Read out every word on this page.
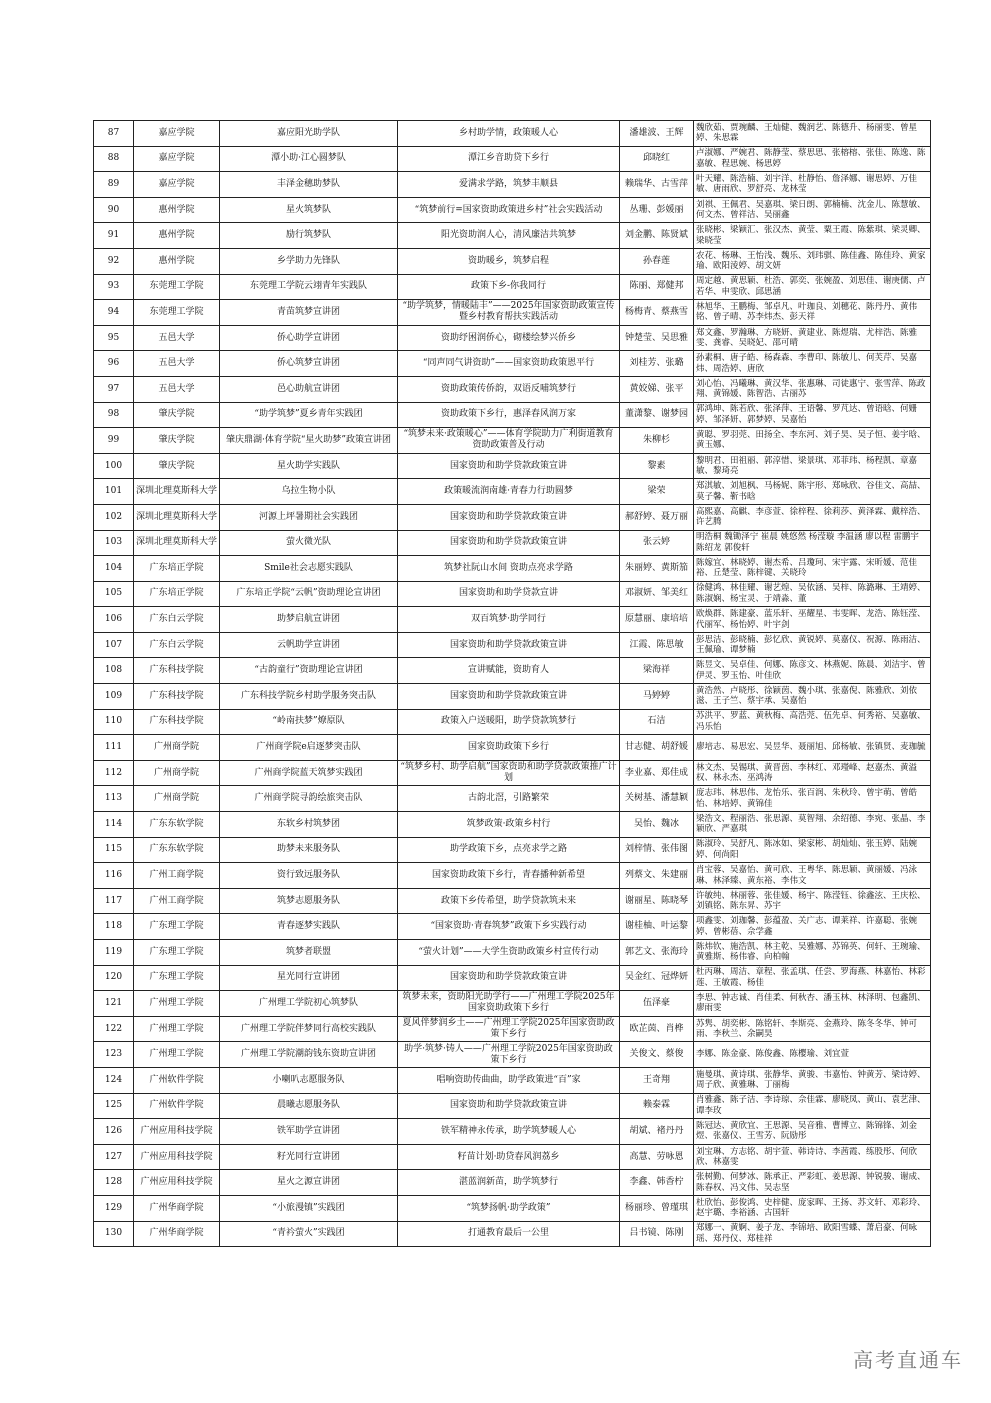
87	嘉应学院	嘉应阳光助学队	乡村助学情，政策暖人心	潘雄波、王辉	魏欣茹、贾琬麟、王灿健、魏润艺、陈德升、杨丽雯、曾星婷、朱思霖
88	嘉应学院	潭小助·江心圆梦队	潭江乡音助贷下乡行	邱晓红	卢淑娜、严婉君、陈静莹、蔡思思、张榕榕、张佳、陈逸、陈嘉敏、程思婉、杨思婷
89	嘉应学院	丰泽金穗助梦队	爱满求学路，筑梦丰顺县	赖瑞华、古雪萍	叶天耀、陈浩楠、刘宇洋、杜静怡、詹泽娜、谢思婷、万佳敏、唐雨欣、罗舒亮、龙林莹
90	惠州学院	星火筑梦队	“筑梦前行=国家资助政策进乡村”社会实践活动	丛珊、彭媛丽	刘祺、王佩君、吴嘉琪、梁日朗、郭楠楠、沈金儿、陈慧敏、何文杰、曾祥洁、吴丽鑫
91	惠州学院	励行筑梦队	阳光资助润人心，清风廉洁共筑梦	刘金鹏、陈贤斌	张晓彬、梁颖汇、张汉杰、黄莹、粟王霞、陈紫琪、梁灵卿、梁晓莹
92	惠州学院	乡学助力先锋队	资助暖乡，筑梦启程	孙春莲	农花、杨琳、王怡浅、魏乐、刘玮骐、陈佳鑫、陈佳玲、黄家瑜、欧阳淩婷、胡文妍
93	东莞理工学院	东莞理工学院云翊青年实践队	政策下乡-你我同行	陈丽、郑健邦	周定越、黄思颖、杜浩、郭奕、张婉盈、刘思佳、谢庚儒、卢若华、申雯欣、邱思涵
94	东莞理工学院	青苗筑梦宣讲团	“助学筑梦，情暖陆丰”——2025年国家资助政策宣传暨乡村教育帮扶实践活动	杨梅青、蔡燕雪	林旭华、王鹏梅、邹卓凡、叶珈良、刘穗花、陈丹丹、黄伟铭、曾子晴、苏李炜杰、彭天祥
95	五邑大学	侨心助学宣讲团	资助纾困润侨心，砌楼绘梦兴侨乡	钟楚莹、吴思雅	郑文鑫、罗瀚琳、方晓妍、黄建业、陈煜瑞、尤梓浩、陈雅雯、龚睿、吴晓妃、邵可晴
96	五邑大学	侨心筑梦宣讲团	“同声同气讲资助”——国家资助政策恩平行	刘桂芳、张璐	孙素桐、唐子皓、杨森森、李曹印、陈敏儿、何芙芹、吴嘉炜、周浩婷、唐欣
97	五邑大学	邑心助航宣讲团	资助政策传侨韵，双语反哺筑梦行	黄姣娣、张平	刘心怡、冯曦琳、黄汉华、张惠琳、司徒惠宁、张雪萍、陈政翔、黄锦媛、陈智浩、古丽苏
98	肇庆学院	“助学筑梦”夏乡青年实践团	资助政策下乡行，惠泽春风润万家	董潇黎、谢梦园	郭鸿坤、陈若欣、张泽萍、王语馨、罗芃达、曾语晗、何姗婷、邹泽妍、郭梦婷、吴嘉怡
99	肇庆学院	肇庆鼎湖·体育学院“星火助梦”政策宣讲团	“筑梦未来·政策暖心”——体育学院助力广利街道教育资助政策普及行动	朱柳杉	黄聪、罗羽莞、田扬全、李东河、刘子昊、吴子恒、姜宇晗、黄玉娜、
100	肇庆学院	星火助学实践队	国家资助和助学贷款政策宣讲	黎素	黎明君、田祖丽、郭淳惜、梁景琪、邓菲玮、杨程凯、章嘉敏、黎琦亮
101	深圳北理莫斯科大学	乌拉生物小队	政策暖流润南雄·青春力行助圆梦	梁荣	郑淇敏、刘旭枫、马杨妮、陈宇形、郑咏欣、谷佳文、高喆、莫子馨、靳书晗
102	深圳北理莫斯科大学	河源上坪暑期社会实践团	国家资助和助学贷款政策宣讲	郝舒婷、聂万丽	高熙嘉、高麒、李彦萱、徐梓程、徐莉莎、黄泽霖、戴梓浩、许艺腾
103	深圳北理莫斯科大学	萤火微光队	国家资助和助学贷款政策宣讲	张云婷	明浩桐 魏锄泽宁 崔晨 姚悠然 杨滢璇 李温涵 廖以程 雷鹏宇 陈绍龙 郭俊轩
104	广东培正学院	Smile社会志愿实践队	筑梦社阮山水间 资助点亮求学路	朱丽婷、黄斯笳	陈嫁宜、林晓婷、谢杰希、吕瓊珂、宋宇露、宋昕媛、范佳裕、丘楚莹、陈梓键、关晓玲
105	广东培正学院	广东培正学院“云帆”资助理论宣讲团	国家资助和助学贷款宣讲	邓淑妍、邹美红	徐健鸿、林佳耀、谢艺煌、吴依涵、吴梓、陈潞琳、王靖婷、陈淑娴、杨宝灵、于靖淼、董
106	广东白云学院	助梦启航宣讲团	双百筑梦·助学同行	原慧丽、康培培	欧焕群、陈建豪、蓝乐轩、巫耀星、韦雯晖、龙浩、陈钰滢、代丽军、杨怡婷、叶宇剑
107	广东白云学院	云帆助学宣讲团	国家资助和助学贷款政策宣讲	江霞、陈思敏	彭思洁、彭晓楠、彭忆欣、黄锐婷、莫嘉仪、祝源、陈雨洁、王佩瑜、谭梦楠
108	广东科技学院	“古韵童行”资助理论宣讲团	宣讲赋能，资助育人	梁海祥	陈昱文、吴卓佳、何娜、陈彦文、林燕妮、陈晨、刘洁宇、曾伊灵、罗玉怡、叶佳欣
109	广东科技学院	广东科技学院乡村助学服务突击队	国家资助和助学贷款政策宣讲	马婷婷	黄浩然、卢晓彤、徐颖茵、魏小琪、张嘉倪、陈雅欣、刘依滋、王子竺、蔡宇承、吴嘉怡
110	广东科技学院	“岭南扶梦”燎原队	政策入户送暖阳，助学贷款筑梦行	石洁	苏洪平、罗蓝、黄秋梅、高浩莞、伍先卓、何秀裕、吴嘉敏、冯乐怡
111	广州商学院	广州商学院e启逐梦突击队	国家资助政策下乡行	甘志健、胡舒媛	廖培志、易思宏、吴昱华、聂丽旭、邱杨敏、张镇贤、麦珈毓
112	广州商学院	广州商学院蓝天筑梦实践团	“筑梦乡村、助学启航”国家资助和助学贷款政策推广计划	李业嘉、郑佳成	林文杰、吴锡琪、黄晋茵、李林红、邓㼆峰、赵嘉杰、黄溢权、林永杰、巫鸿涛
113	广州商学院	广州商学院寻韵绘旅突击队	古韵北滘，引路繁荣	关树基、潘慧颖	庞志玮、林思伟、龙怡乐、张百润、朱秋玲、曾宇萌、曾皓怡、林培婷、黄锦佳
114	广东东软学院	东软乡村筑梦团	筑梦政策·政策乡村行	吴怡、魏冰	梁浩文、程丽浩、张思源、莫智翔、余绍德、李宛、张晶、李颖欣、严嘉琪
115	广东东软学院	助梦未来服务队	助学政策下乡，点亮求学之路	刘梓情、张伟图	陈淑玲、吴舒凡、陈冰如、梁家彬、胡灿灿、张玉婷、陆婉婷、何尚阳
116	广州工商学院	资行致远服务队	国家资助政策下乡行，青春播种新希望	列蔡文、朱建丽	肖宝蓉、吴嘉怡、黄可欣、王粤华、陈思颖、黄丽媛、冯泳琳、林泽臻、黄东裕、李伟文
117	广州工商学院	筑梦志愿服务队	政策下乡传希望，助学贷款筑未来	谢丽星、陈晓琴	许敏纯、林丽蓉、张佳媛、杨宇、陈滢钰、徐鑫泫、王庆松、刘镇铭、陈东昇、苏宇
118	广东理工学院	青春逐梦实践队	“国家资助·青春筑梦”政策下乡实践行动	谢桂柚、叶运黎	项鑫雯、刘珈馨、彭蕴盈、关广志、谭莱祥、许嘉聪、张婉婷、曾彬蓓、佘学鑫
119	广东理工学院	筑梦者联盟	“萤火计划”——大学生资助政策乡村宣传行动	郭艺文、张海玲	陈炜钦、施浩凯、林主乾、吴雅娜、苏锦英、何轩、王琬瑜、黄雅斯、杨伟睿、向柏翰
120	广东理工学院	星光同行宣讲团	国家资助和助学贷款政策宣讲	吴金红、冠烨妍	杜丙琳、周洁、章程、张孟琪、任尝、罗海燕、林嘉怡、林彩莲、王敏霞、杨佳
121	广州理工学院	广州理工学院初心筑梦队	筑梦未来，资助阳光助学行——广州理工学院2025年国家资助政策下乡行	伍泽豪	李思、钟志诚、肖佳柔、何秋杏、潘玉林、林泽明、包鑫凯、廖雨雯
122	广州理工学院	广州理工学院伴梦同行高校实践队	夏风伴梦润乡土——广州理工学院2025年国家资助政策下乡行	欧芷茵、肖桦	苏隽、胡奕彬、陈铭轩、李斯亮、金燕玲、陈冬冬华、钟可雨、李秋兰、余嗣昊
123	广州理工学院	广州理工学院潮韵钱东资助宣讲团	助学·筑梦·铸人——广州理工学院2025年国家资助政策下乡行	关俊文、蔡俊	李娜、陈金豪、陈俊鑫、陈樱瑜、刘宜萱
124	广州软件学院	小喇叭志愿服务队	唱响资助传曲曲，助学政策进“百”家	王奇翔	施曼琪、黄诗琪、张静华、黄骏、韦嘉怡、钟黄芳、梁诗婷、周子欣、黄雅琳、丁丽梅
125	广州软件学院	晨曦志愿服务队	国家资助和助学贷款政策宣讲	赖泰霖	肖雅鑫、陈子洁、李诗琼、佘佳霖、廖晓凤、黄山、袁艺津、谭李玫
126	广州应用科技学院	铁军助学宣讲团	铁军精神永传承，助学筑梦暖人心	胡斌、褚丹丹	陈冠达、黄欣宜、王思源、吴音雅、曹博立、陈锦锋、刘金煜、张嘉仪、王雪芳、阮励彤
127	广州应用科技学院	籽光同行宣讲团	籽苗计划·助贷春风润荔乡	高慧、劳咏恩	刘宝琳、方志铭、胡宇萱、韩诗诗、李茜霞、练股彤、何欣欣、林嘉雯
128	广州应用科技学院	星火之源宣讲团	湛蓝润新苗，助学筑梦行	李鑫、韩香柠	张树勤、何梦冰、陈承正、严彩虹、姜思源、钟锐骏、谢成、陈春权、冯文伟、吴志坚
129	广州华商学院	“小旅漫镇”实践团	“筑梦扬帆·助学政策”	杨丽珍、曾瑾琪	杜欣怡、彭俊鸿、史梓健、庞家晖、王扬、苏文轩、邓彩玲、赵宇璐、李裕涵、古国轩
130	广州华商学院	“青衿萤火”实践团	打通教育最后一公里	吕书镜、陈刚	郑娜一、黄婀、姜子龙、李锦培、欧阳雪蝶、萧启豪、何咏瑶、郑丹仪、郑桂祥
高考直通车
